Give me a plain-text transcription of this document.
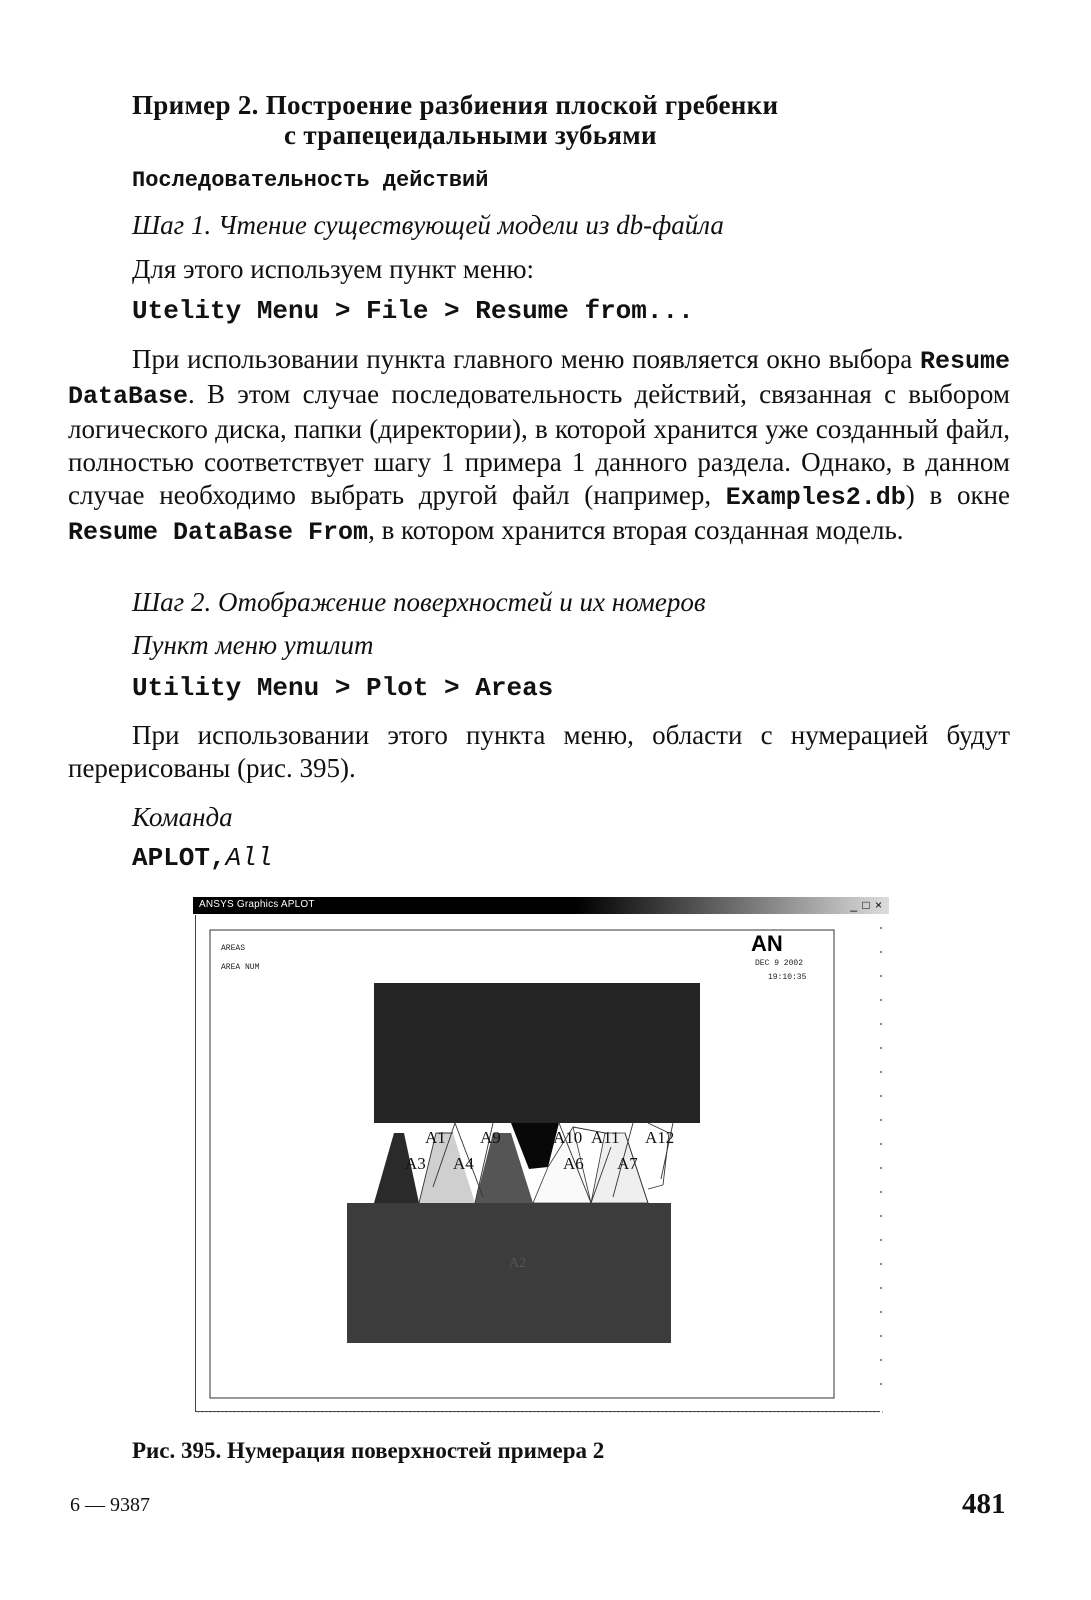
Пример 2. Построение разбиения плоской гребенки
с трапецеидальными зубьями
Последовательность действий
Шаг 1. Чтение существующей модели из db-файла
Для этого используем пункт меню:
Utelity Menu > File > Resume from...
При использовании пункта главного меню появляется окно выбора Resume DataBase. В этом случае последовательность действий, связанная с выбором логического диска, папки (директории), в которой хранится уже созданный файл, полностью соответствует шагу 1 примера 1 данного раздела. Однако, в данном случае необходимо выбрать другой файл (например, Examples2.db) в окне Resume DataBase From, в котором хранится вторая созданная модель.
Шаг 2. Отображение поверхностей и их номеров
Пункт меню утилит
Utility Menu > Plot > Areas
При использовании этого пункта меню, области с нумерацией будут перерисованы (рис. 395).
Команда
APLOT,All
ANSYS Graphics APLOT	_ □ ×
AREAS
AREA NUM
AN
DEC 9 2002
19:10:35
A1 A9	A10 A11 A12
A3 A4	A6 A7
A2
Рис. 395. Нумерация поверхностей примера 2
6 — 9387	481
